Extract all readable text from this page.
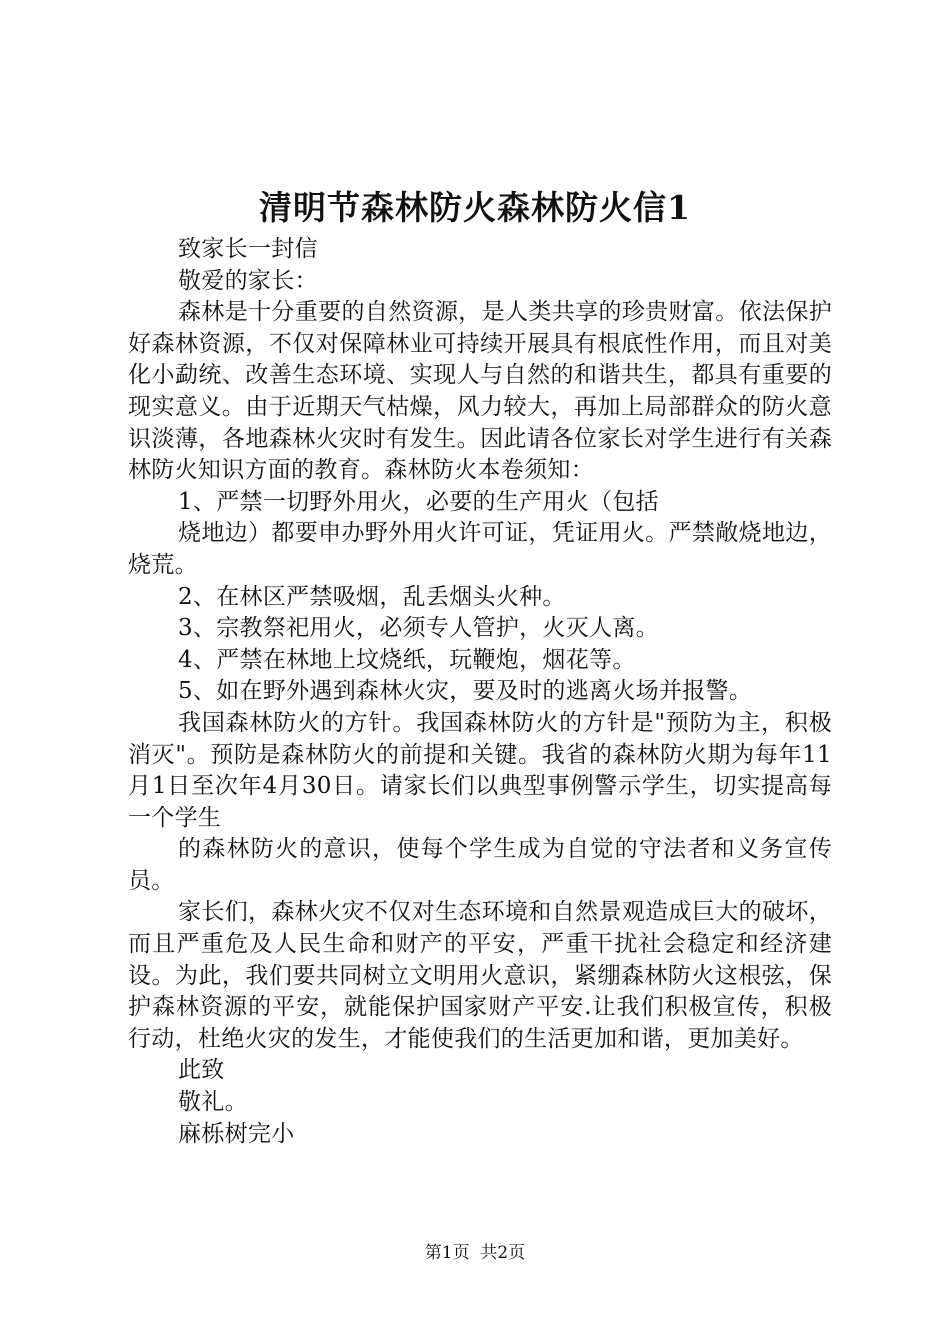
清明节森林防火森林防火信1

致家长一封信

敬爱的家长：

森林是十分重要的自然资源，是人类共享的珍贵财富。依法保护好森林资源，不仅对保障林业可持续开展具有根底性作用，而且对美化小勐统、改善生态环境、实现人与自然的和谐共生，都具有重要的现实意义。由于近期天气枯燥，风力较大，再加上局部群众的防火意识淡薄，各地森林火灾时有发生。因此请各位家长对学生进行有关森林防火知识方面的教育。森林防火本卷须知：

1、严禁一切野外用火，必要的生产用火（包括

烧地边）都要申办野外用火许可证，凭证用火。严禁敞烧地边，烧荒。

2、在林区严禁吸烟，乱丢烟头火种。

3、宗教祭祀用火，必须专人管护，火灭人离。

4、严禁在林地上坟烧纸，玩鞭炮，烟花等。

5、如在野外遇到森林火灾，要及时的逃离火场并报警。

我国森林防火的方针。我国森林防火的方针是"预防为主，积极消灭"。预防是森林防火的前提和关键。我省的森林防火期为每年11月1日至次年4月30日。请家长们以典型事例警示学生，切实提高每一个学生

的森林防火的意识，使每个学生成为自觉的守法者和义务宣传员。

家长们，森林火灾不仅对生态环境和自然景观造成巨大的破坏，而且严重危及人民生命和财产的平安，严重干扰社会稳定和经济建设。为此，我们要共同树立文明用火意识，紧绷森林防火这根弦，保护森林资源的平安，就能保护国家财产平安.让我们积极宣传，积极行动，杜绝火灾的发生，才能使我们的生活更加和谐，更加美好。

此致

敬礼。

麻栎树完小

第1页  共2页
